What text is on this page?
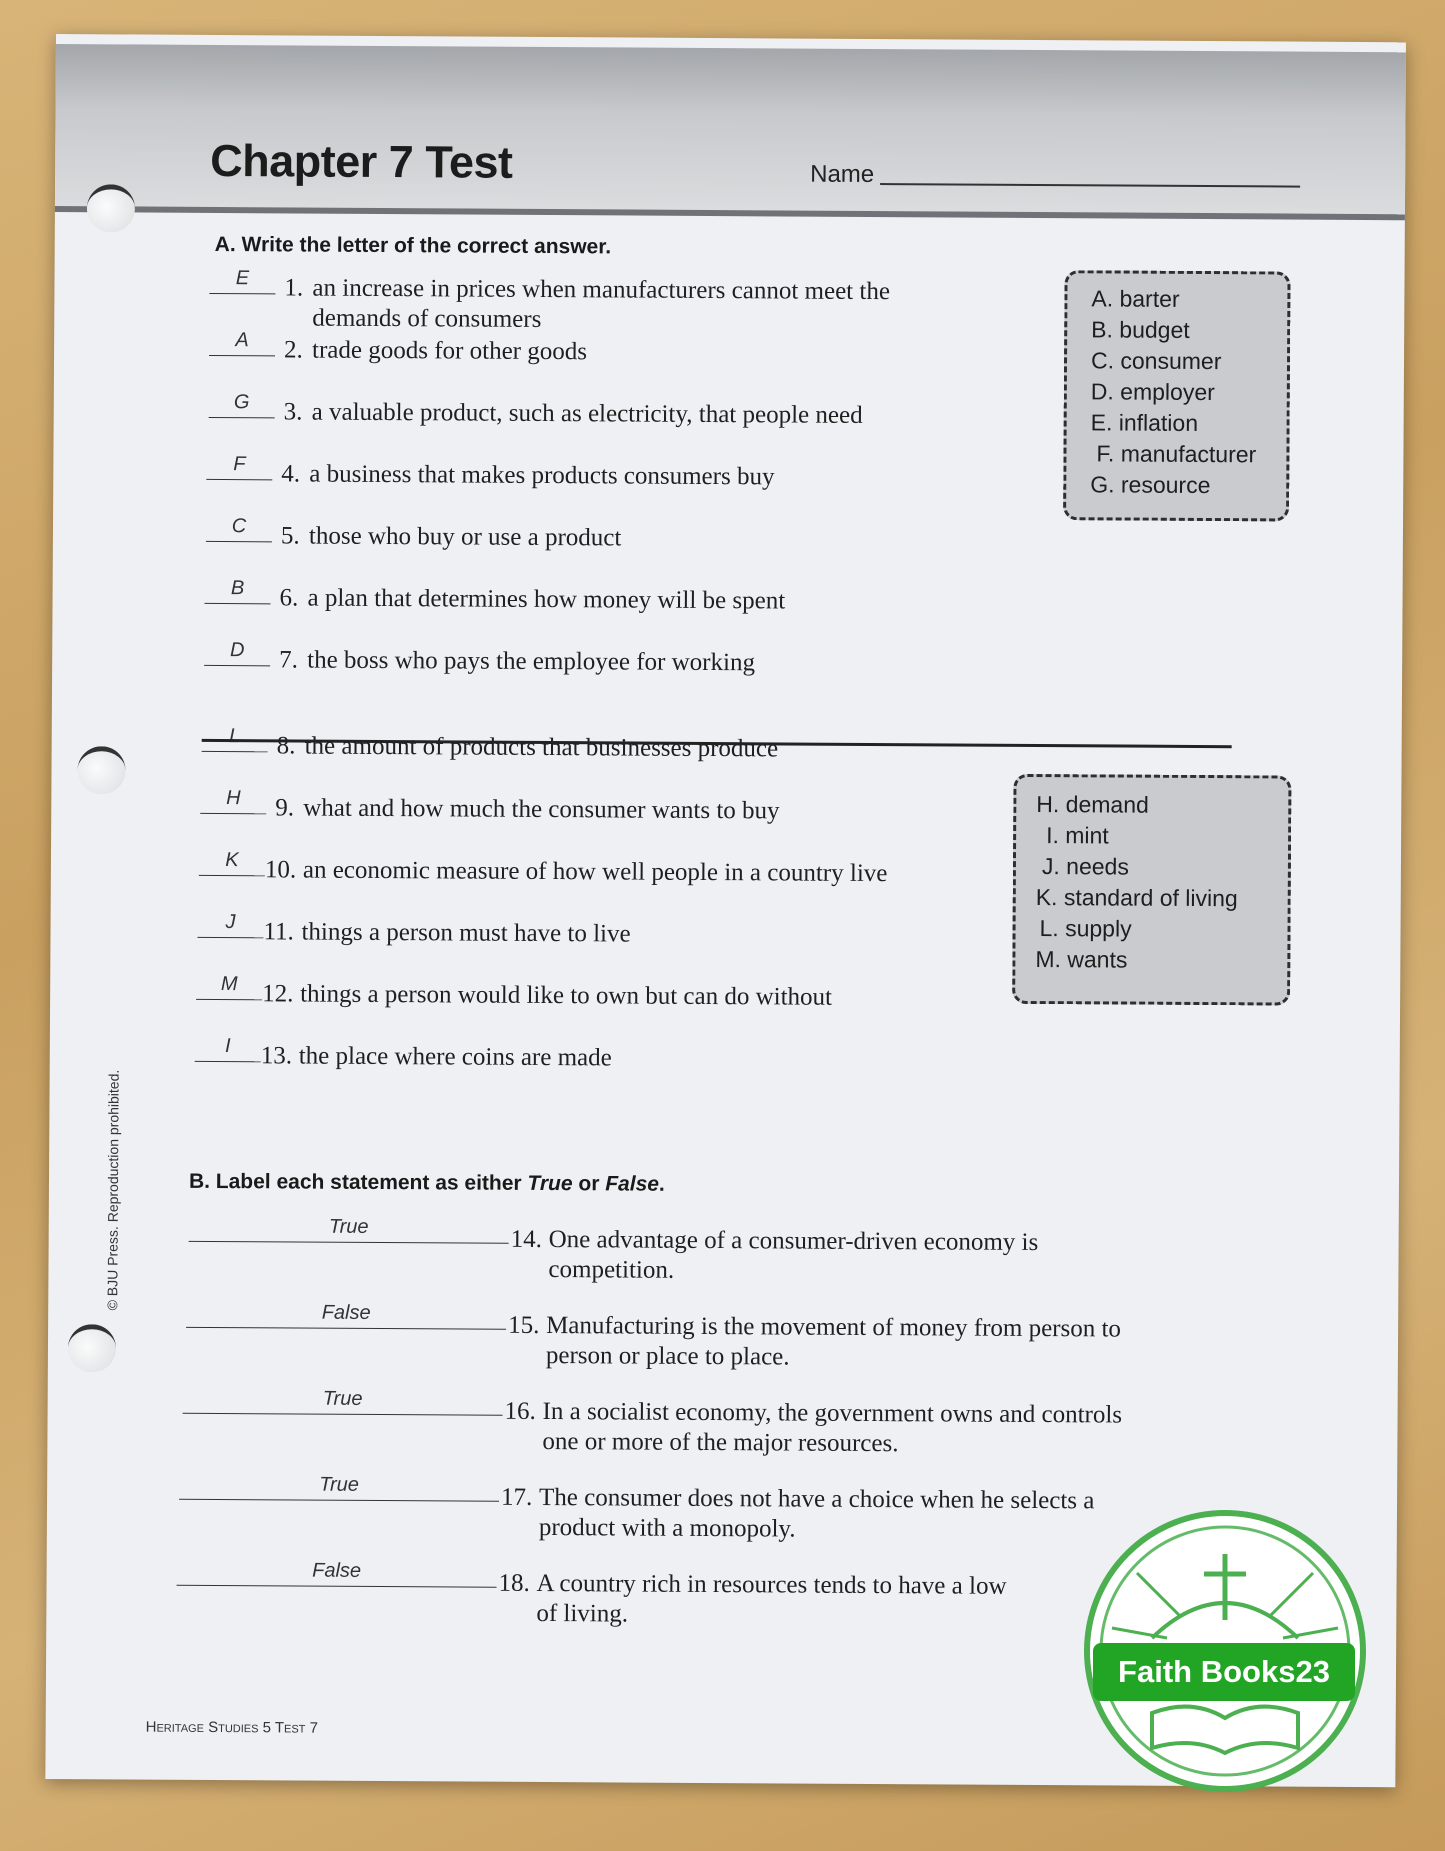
Chapter 7 Test	Name
A. Write the letter of the correct answer.
E	1. an increase in prices when manufacturers cannot meet the
demands of consumers
A	2. trade goods for other goods
G	3. a valuable product, such as electricity, that people need
F	4. a business that makes products consumers buy
C	5. those who buy or use a product
B	6. a plan that determines how money will be spent
D	7. the boss who pays the employee for working
L	8. the amount of products that businesses produce
H	9. what and how much the consumer wants to buy
K	10. an economic measure of how well people in a country live
J	11. things a person must have to live
M 12. things a person would like to own but can do without
I	13. the place where coins are made
A. barter
B. budget
C. consumer
D. employer
E. inflation
F. manufacturer
G. resource
H. demand
I. mint
J. needs
K. standard of living
L. supply
M. wants
B. Label each statement as either True or False.
True	14. One advantage of a consumer-driven economy is
competition.
False	15. Manufacturing is the movement of money from person to
person or place to place.
True	16. In a socialist economy, the government owns and controls
one or more of the major resources.
True	17. The consumer does not have a choice when he selects a
product with a monopoly.
False	18. A country rich in resources tends to have a low
of living.
© BJU Press. Reproduction prohibited.
Heritage Studies 5 Test 7
Faith Books23
